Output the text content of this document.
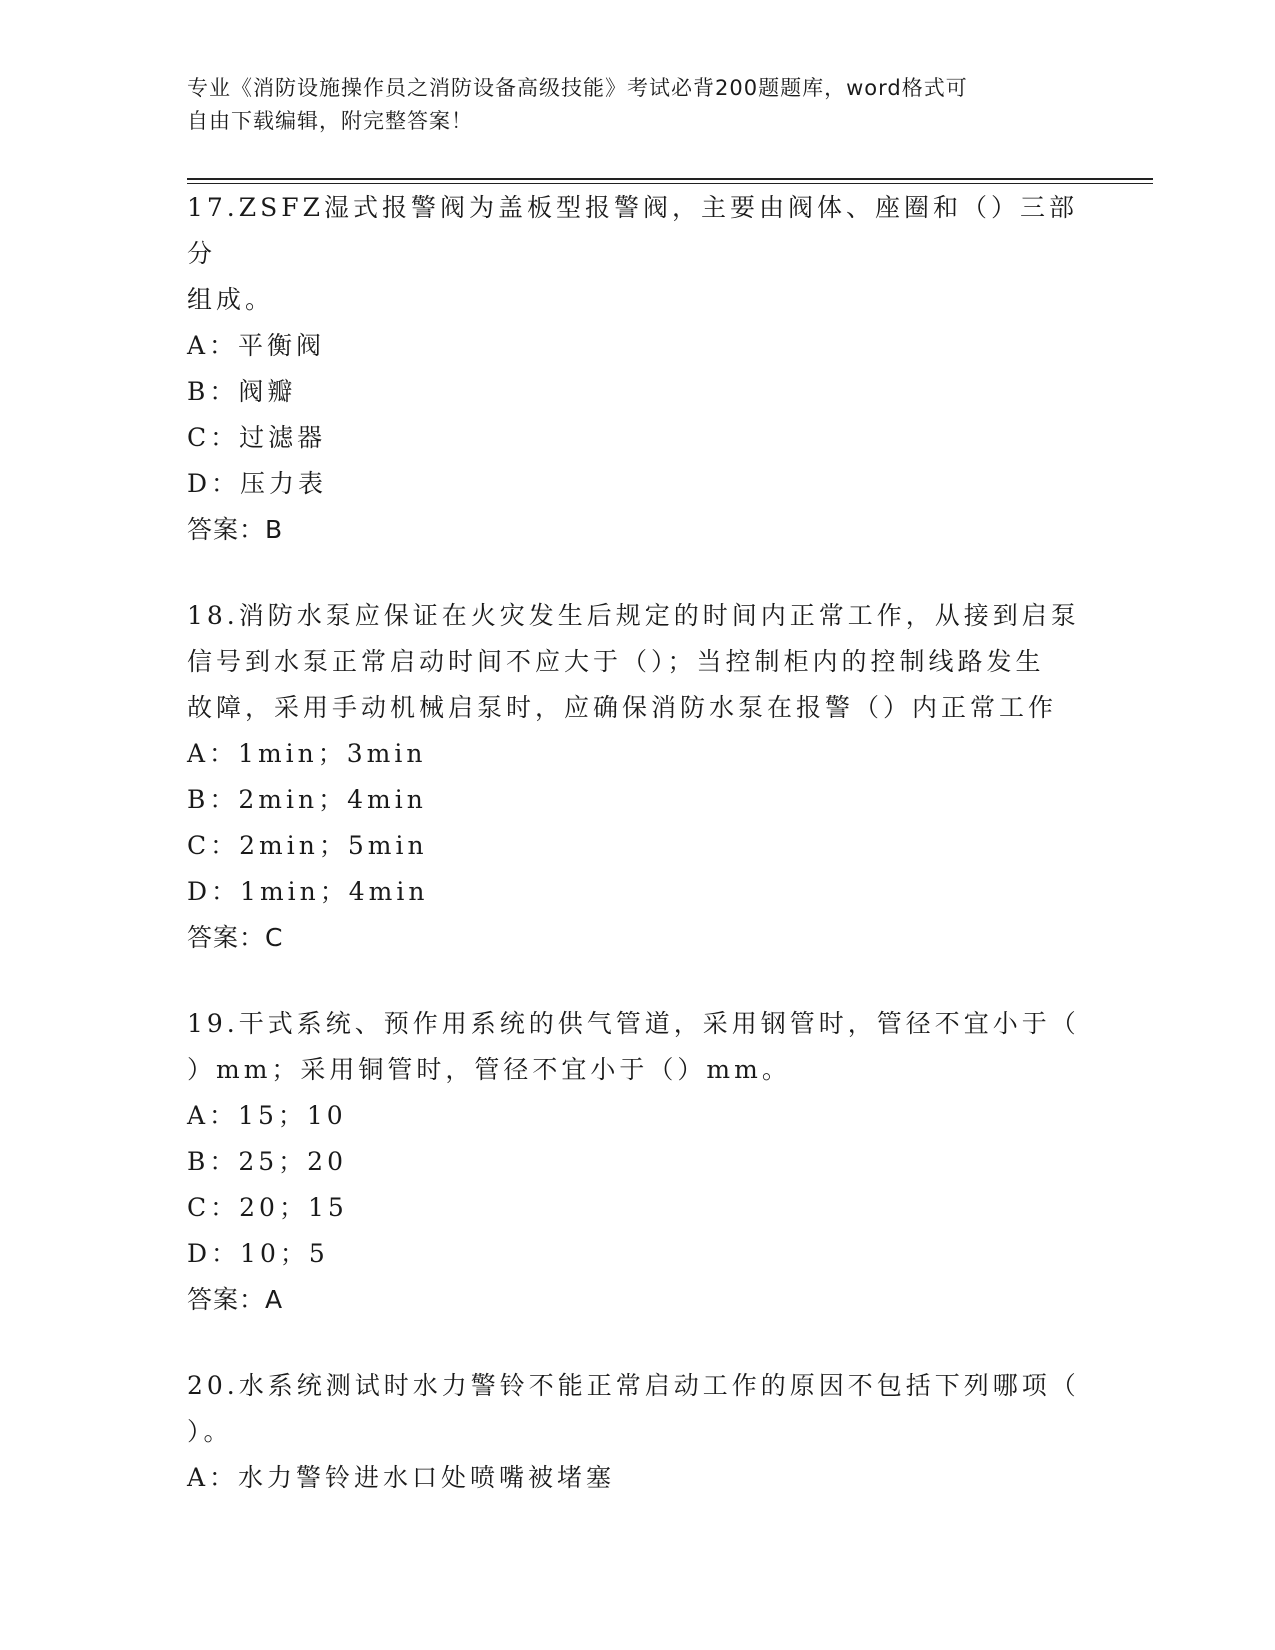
专业《消防设施操作员之消防设备高级技能》考试必背200题题库，word格式可
自由下载编辑，附完整答案！
17.ZSFZ湿式报警阀为盖板型报警阀，主要由阀体、座圈和（）三部分
组成。
A：平衡阀
B：阀瓣
C：过滤器
D：压力表
答案：B
18.消防水泵应保证在火灾发生后规定的时间内正常工作，从接到启泵
信号到水泵正常启动时间不应大于（）；当控制柜内的控制线路发生
故障，采用手动机械启泵时，应确保消防水泵在报警（）内正常工作
A：1min；3min
B：2min；4min
C：2min；5min
D：1min；4min
答案：C
19.干式系统、预作用系统的供气管道，采用钢管时，管径不宜小于（
）mm；采用铜管时，管径不宜小于（）mm。
A：15；10
B：25；20
C：20；15
D：10；5
答案：A
20.水系统测试时水力警铃不能正常启动工作的原因不包括下列哪项（
）。
A：水力警铃进水口处喷嘴被堵塞
